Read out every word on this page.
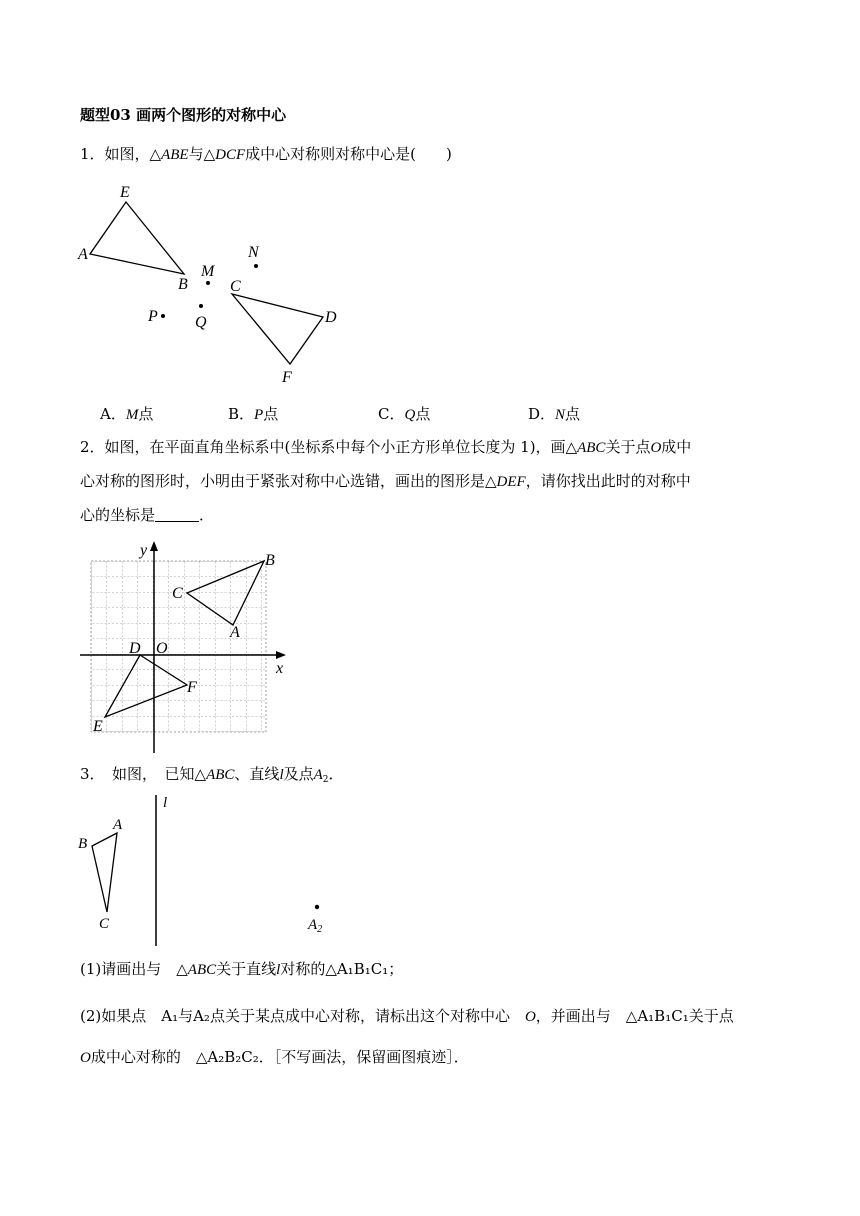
题型03 画两个图形的对称中心
1．如图，△ABE与△DCF成中心对称则对称中心是(　　)
E
A
B
M
N
C
P Q	D
F
A．M点	B．P点	C．Q点	D．N点
2．如图，在平面直角坐标系中(坐标系中每个小正方形单位长度为 1)，画△ABC关于点O成中
心对称的图形时，小明由于紧张对称中心选错，画出的图形是△DEF，请你找出此时的对称中
心的坐标是	．
y
x
O
B
C
A
D
F
E
3．　如图，　已知△ABC、直线l及点$A_2$．
l
A
B
C	$A_2$
(1)请画出与　△ABC关于直线l对称的△A₁B₁C₁；
(2)如果点　A₁与A₂点关于某点成中心对称，请标出这个对称中心　O，并画出与　△A₁B₁C₁关于点
O成中心对称的　△A₂B₂C₂．［不写画法，保留画图痕迹］．
